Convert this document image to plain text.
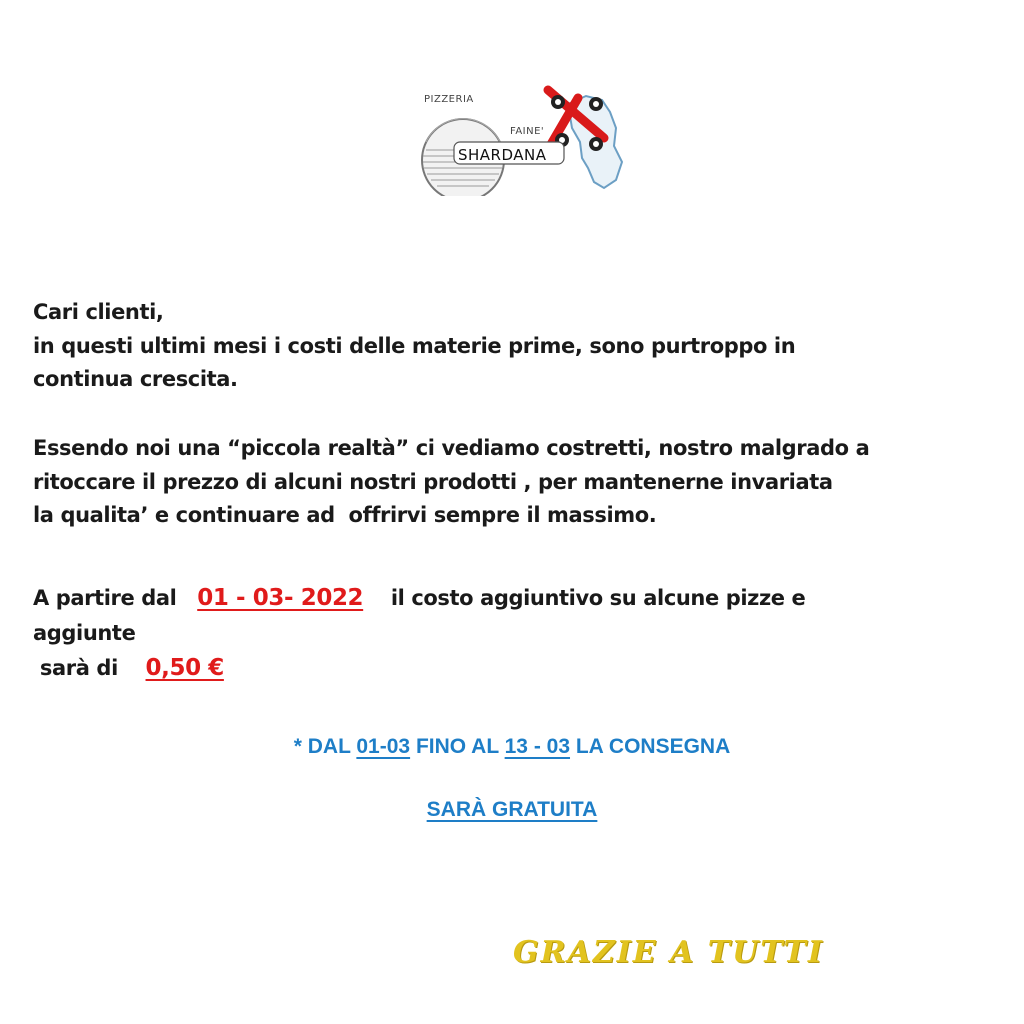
PIZZERIA
FAINE'
SHARDANA

Cari clienti,
in questi ultimi mesi i costi delle materie prime, sono purtroppo in
continua crescita.

Essendo noi una “piccola realtà” ci vediamo costretti, nostro malgrado a
ritoccare il prezzo di alcuni nostri prodotti , per mantenerne invariata
la qualita’ e continuare ad  offrirvi sempre il massimo.

A partire dal 01 - 03- 2022 il costo aggiuntivo su alcune pizze e
aggiunte
sarà di 0,50 €

* DAL 01-03 FINO AL 13 - 03 LA CONSEGNA

SARÀ GRATUITA

GRAZIE A TUTTI
